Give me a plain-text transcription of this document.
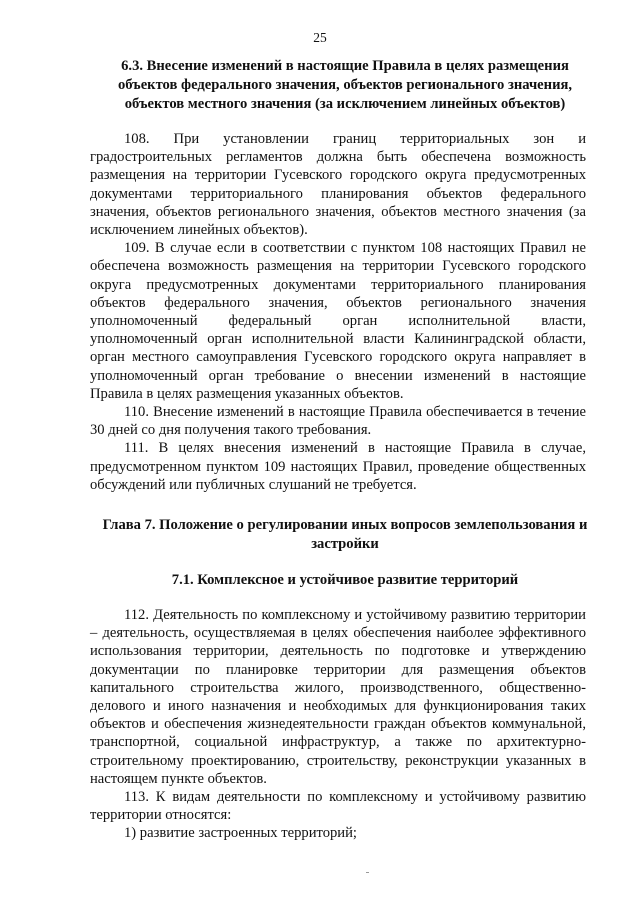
25
6.3. Внесение изменений в настоящие Правила в целях размещения объектов федерального значения, объектов регионального значения, объектов местного значения (за исключением линейных объектов)

108. При установлении границ территориальных зон и градостроительных регламентов должна быть обеспечена возможность размещения на территории Гусевского городского округа предусмотренных документами территориального планирования объектов федерального значения, объектов регионального значения, объектов местного значения (за исключением линейных объектов).

109. В случае если в соответствии с пунктом 108 настоящих Правил не обеспечена возможность размещения на территории Гусевского городского округа предусмотренных документами территориального планирования объектов федерального значения, объектов регионального значения уполномоченный федеральный орган исполнительной власти, уполномоченный орган исполнительной власти Калининградской области, орган местного самоуправления Гусевского городского округа направляет в уполномоченный орган требование о внесении изменений в настоящие Правила в целях размещения указанных объектов.

110. Внесение изменений в настоящие Правила обеспечивается в течение 30 дней со дня получения такого требования.

111. В целях внесения изменений в настоящие Правила в случае, предусмотренном пунктом 109 настоящих Правил, проведение общественных обсуждений или публичных слушаний не требуется.

Глава 7. Положение о регулировании иных вопросов землепользования и застройки
7.1. Комплексное и устойчивое развитие территорий

112. Деятельность по комплексному и устойчивому развитию территории – деятельность, осуществляемая в целях обеспечения наиболее эффективного использования территории, деятельность по подготовке и утверждению документации по планировке территории для размещения объектов капитального строительства жилого, производственного, общественно-делового и иного назначения и необходимых для функционирования таких объектов и обеспечения жизнедеятельности граждан объектов коммунальной, транспортной, социальной инфраструктур, а также по архитектурно-строительному проектированию, строительству, реконструкции указанных в настоящем пункте объектов.

113. К видам деятельности по комплексному и устойчивому развитию территории относятся:

1) развитие застроенных территорий;
